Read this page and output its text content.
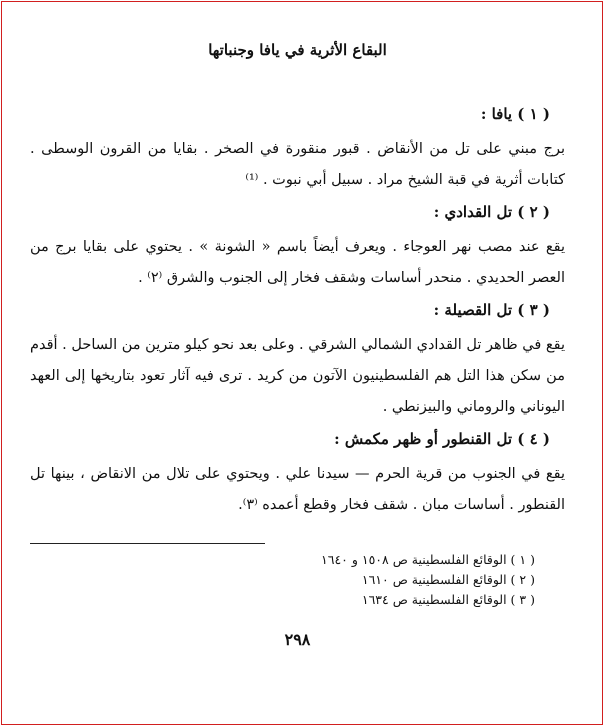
البقاع الأثرية في يافا وجنباتها
( ١ ) يافا :

برج مبني على تل من الأنقاض . قبور منقورة في الصخر . بقايا من القرون الوسطى . كتابات أثرية في قبة الشيخ مراد . سبيل أبي نبوت . ⁽¹⁾

( ٢ ) تل القدادي :

يقع عند مصب نهر العوجاء . ويعرف أيضاً باسم « الشونة » . يحتوي على بقايا برج من العصر الحديدي . منحدر أساسات وشقف فخار إلى الجنوب والشرق ⁽٢⁾ .

( ٣ ) تل القصيلة :

يقع في ظاهر تل القدادي الشمالي الشرقي . وعلى بعد نحو كيلو مترين من الساحل . أقدم من سكن هذا التل هم الفلسطينيون الآتون من كريد . ترى فيه آثار تعود بتاريخها إلى العهد اليوناني والروماني والبيزنطي .

( ٤ ) تل القنطور أو ظهر مكمش :

يقع في الجنوب من قرية الحرم — سيدنا علي . ويحتوي على تلال من الانقاض ، بينها تل القنطور . أساسات مبان . شقف فخار وقطع أعمده ⁽٣⁾.

( ١ ) الوقائع الفلسطينية ص ١٥٠٨ و ١٦٤٠
( ٢ ) الوقائع الفلسطينية ص ١٦١٠
( ٣ ) الوقائع الفلسطينية ص ١٦٣٤
٢٩٨
